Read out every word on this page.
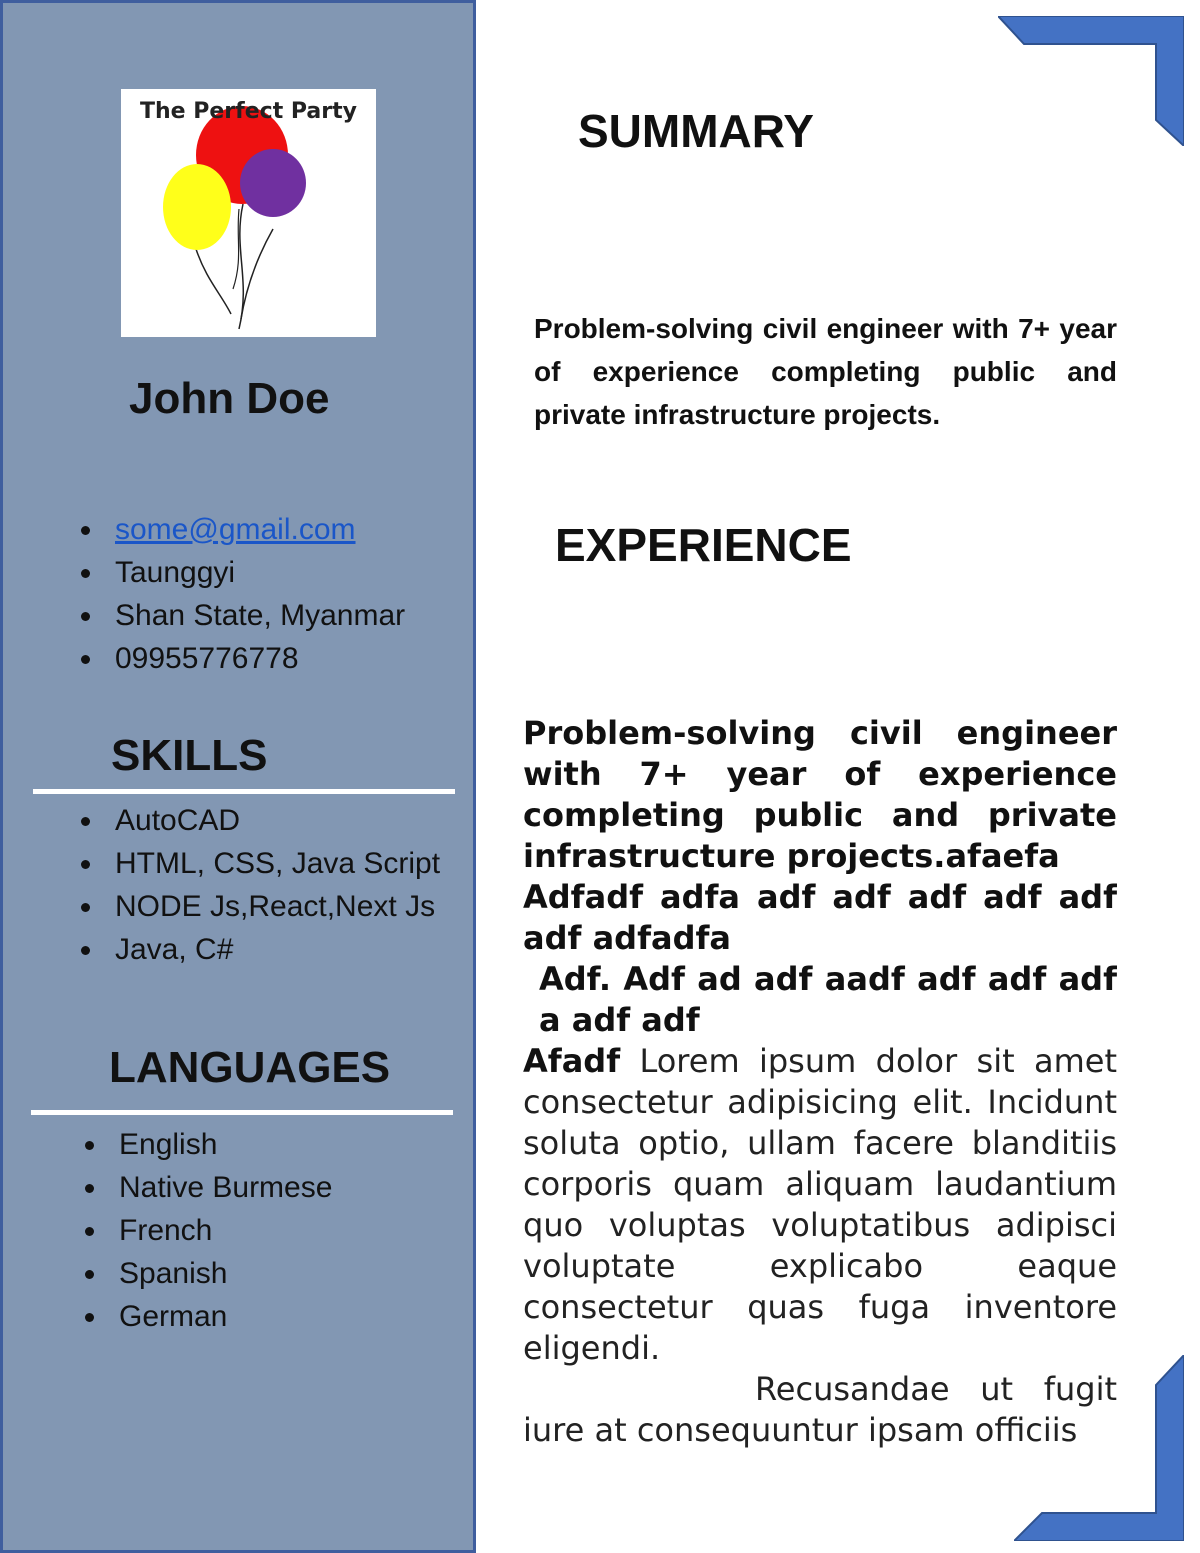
The Perfect Party
John Doe
some@gmail.com
Taunggyi
Shan State, Myanmar
09955776778
SKILLS
AutoCAD
HTML, CSS, Java Script
NODE Js,React,Next Js
Java, C#
LANGUAGES
English
Native Burmese
French
Spanish
German
SUMMARY

Problem-solving civil engineer with 7+ year of experience completing public and private infrastructure projects.

EXPERIENCE

Problem-solving civil engineer with 7+ year of experience completing public and private infrastructure projects.afaefa

Adfadf adfa adf adf adf adf adf adf adfadfa

Adf. Adf ad adf aadf adf adf adf a adf adf

Afadf Lorem ipsum dolor sit amet consectetur adipisicing elit. Incidunt soluta optio, ullam facere blanditiis corporis quam aliquam laudantium quo voluptas voluptatibus adipisci voluptate explicabo eaque consectetur quas fuga inventore eligendi.

Recusandae ut fugit iure at consequuntur ipsam officiis
